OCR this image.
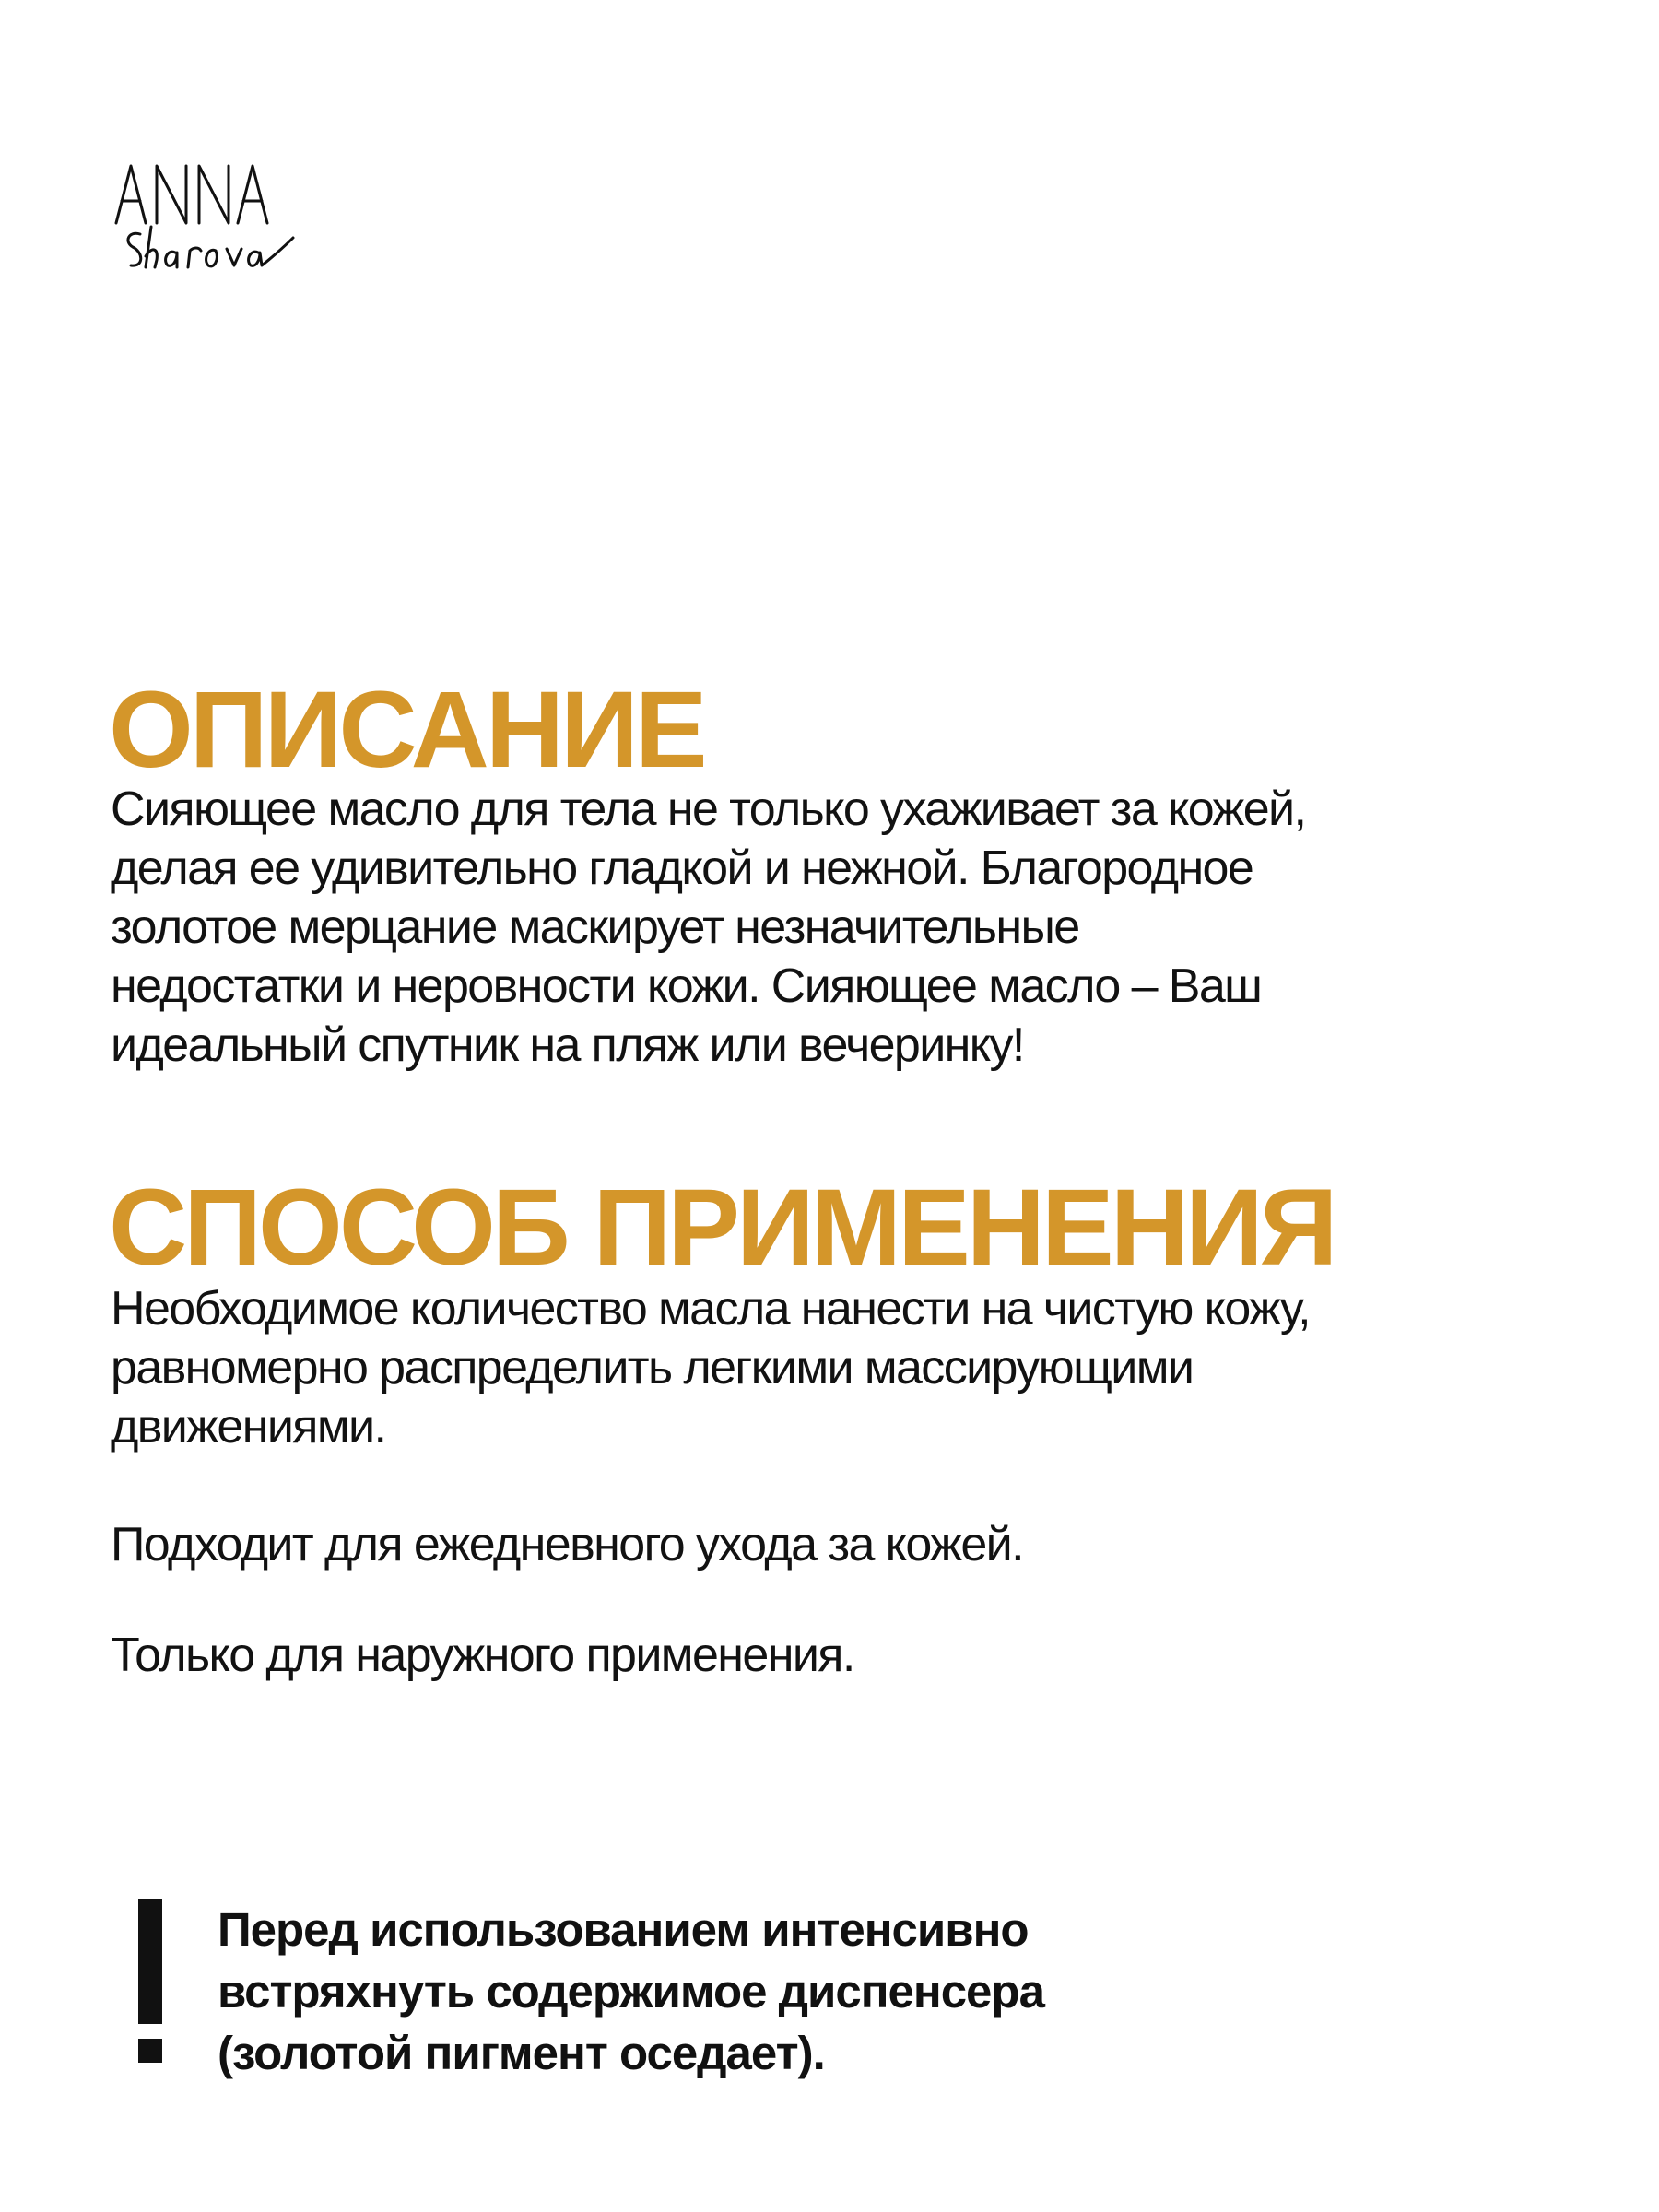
ОПИСАНИЕ

Сияющее масло для тела не только ухаживает за кожей,
делая ее удивительно гладкой и нежной. Благородное
золотое мерцание маскирует незначительные
недостатки и неровности кожи. Сияющее масло – Ваш
идеальный спутник на пляж или вечеринку!

СПОСОБ ПРИМЕНЕНИЯ

Необходимое количество масла нанести на чистую кожу,
равномерно распределить легкими массирующими
движениями.

Подходит для ежедневного ухода за кожей.

Только для наружного применения.

Перед использованием интенсивно
встряхнуть содержимое диспенсера
(золотой пигмент оседает).
